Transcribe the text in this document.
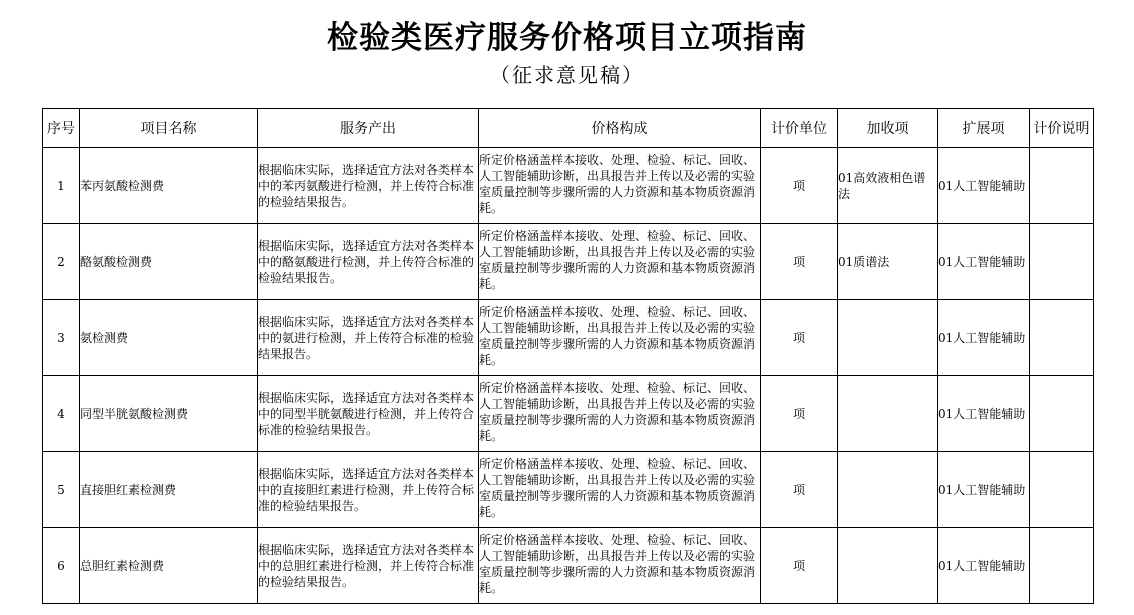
检验类医疗服务价格项目立项指南
（征求意见稿）
序号	项目名称	服务产出	价格构成	计价单位	加收项	扩展项	计价说明
1	苯丙氨酸检测费	根据临床实际，选择适宜方法对各类样本中的苯丙氨酸进行检测，并上传符合标准的检验结果报告。	所定价格涵盖样本接收、处理、检验、标记、回收、人工智能辅助诊断，出具报告并上传以及必需的实验室质量控制等步骤所需的人力资源和基本物质资源消耗。	项	01高效液相色谱法	01人工智能辅助	
2	酪氨酸检测费	根据临床实际，选择适宜方法对各类样本中的酪氨酸进行检测，并上传符合标准的检验结果报告。	所定价格涵盖样本接收、处理、检验、标记、回收、人工智能辅助诊断，出具报告并上传以及必需的实验室质量控制等步骤所需的人力资源和基本物质资源消耗。	项	01质谱法	01人工智能辅助	
3	氨检测费	根据临床实际，选择适宜方法对各类样本中的氨进行检测，并上传符合标准的检验结果报告。	所定价格涵盖样本接收、处理、检验、标记、回收、人工智能辅助诊断，出具报告并上传以及必需的实验室质量控制等步骤所需的人力资源和基本物质资源消耗。	项		01人工智能辅助	
4	同型半胱氨酸检测费	根据临床实际，选择适宜方法对各类样本中的同型半胱氨酸进行检测，并上传符合标准的检验结果报告。	所定价格涵盖样本接收、处理、检验、标记、回收、人工智能辅助诊断，出具报告并上传以及必需的实验室质量控制等步骤所需的人力资源和基本物质资源消耗。	项		01人工智能辅助	
5	直接胆红素检测费	根据临床实际，选择适宜方法对各类样本中的直接胆红素进行检测，并上传符合标准的检验结果报告。	所定价格涵盖样本接收、处理、检验、标记、回收、人工智能辅助诊断，出具报告并上传以及必需的实验室质量控制等步骤所需的人力资源和基本物质资源消耗。	项		01人工智能辅助	
6	总胆红素检测费	根据临床实际，选择适宜方法对各类样本中的总胆红素进行检测，并上传符合标准的检验结果报告。	所定价格涵盖样本接收、处理、检验、标记、回收、人工智能辅助诊断，出具报告并上传以及必需的实验室质量控制等步骤所需的人力资源和基本物质资源消耗。	项		01人工智能辅助	
